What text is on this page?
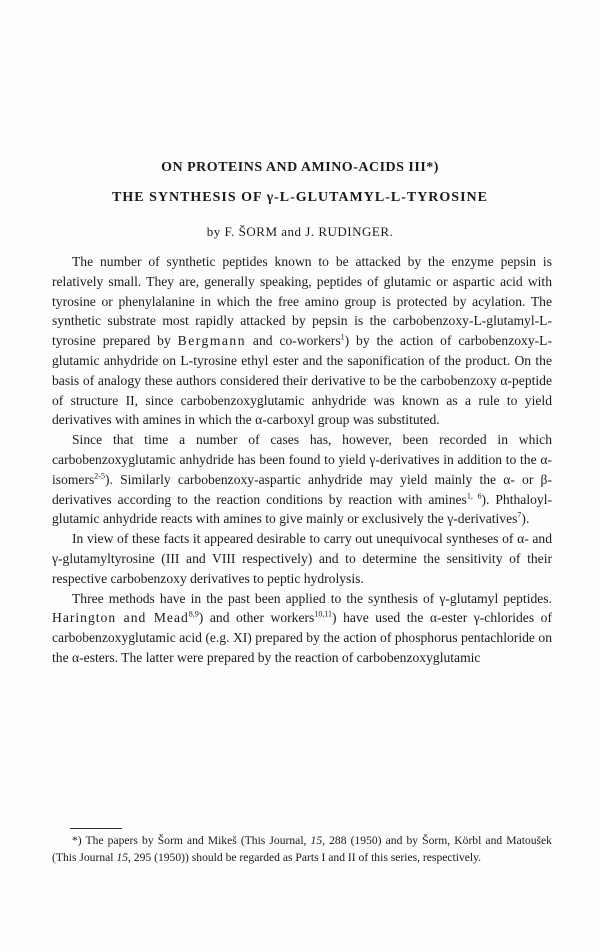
ON PROTEINS AND AMINO-ACIDS III*)
THE SYNTHESIS OF γ-L-GLUTAMYL-L-TYROSINE
by F. ŠORM and J. RUDINGER.

The number of synthetic peptides known to be attacked by the enzyme pepsin is relatively small. They are, generally speaking, peptides of glutamic or aspartic acid with tyrosine or phenylalanine in which the free amino group is protected by acylation. The synthetic substrate most rapidly attacked by pepsin is the carbobenzoxy-L-glutamyl-L-tyrosine prepared by Bergmann and co-workers$^1$) by the action of carbobenzoxy-L-glutamic anhydride on L-tyrosine ethyl ester and the saponification of the product. On the basis of analogy these authors considered their derivative to be the carbobenzoxy α-peptide of structure II, since carbobenzoxyglutamic anhydride was known as a rule to yield derivatives with amines in which the α-carboxyl group was substituted.

Since that time a number of cases has, however, been recorded in which carbobenzoxyglutamic anhydride has been found to yield γ-derivatives in addition to the α-isomers$^{2-5}$). Similarly carbobenzoxy-aspartic anhydride may yield mainly the α- or β-derivatives according to the reaction conditions by reaction with amines$^{1, 6}$). Phthaloyl-glutamic anhydride reacts with amines to give mainly or exclusively the γ-derivatives$^7$).

In view of these facts it appeared desirable to carry out unequivocal syntheses of α- and γ-glutamyltyrosine (III and VIII respectively) and to determine the sensitivity of their respective carbobenzoxy derivatives to peptic hydrolysis.

Three methods have in the past been applied to the synthesis of γ-glutamyl peptides. Harington and Mead$^{8,9}$) and other workers$^{10,11}$) have used the α-ester γ-chlorides of carbobenzoxyglutamic acid (e.g. XI) prepared by the action of phosphorus pentachloride on the α-esters. The latter were prepared by the reaction of carbobenzoxyglutamic

*) The papers by Šorm and Mikeš (This Journal, 15, 288 (1950) and by Šorm, Körbl and Matoušek (This Journal 15, 295 (1950)) should be regarded as Parts I and II of this series, respectively.
